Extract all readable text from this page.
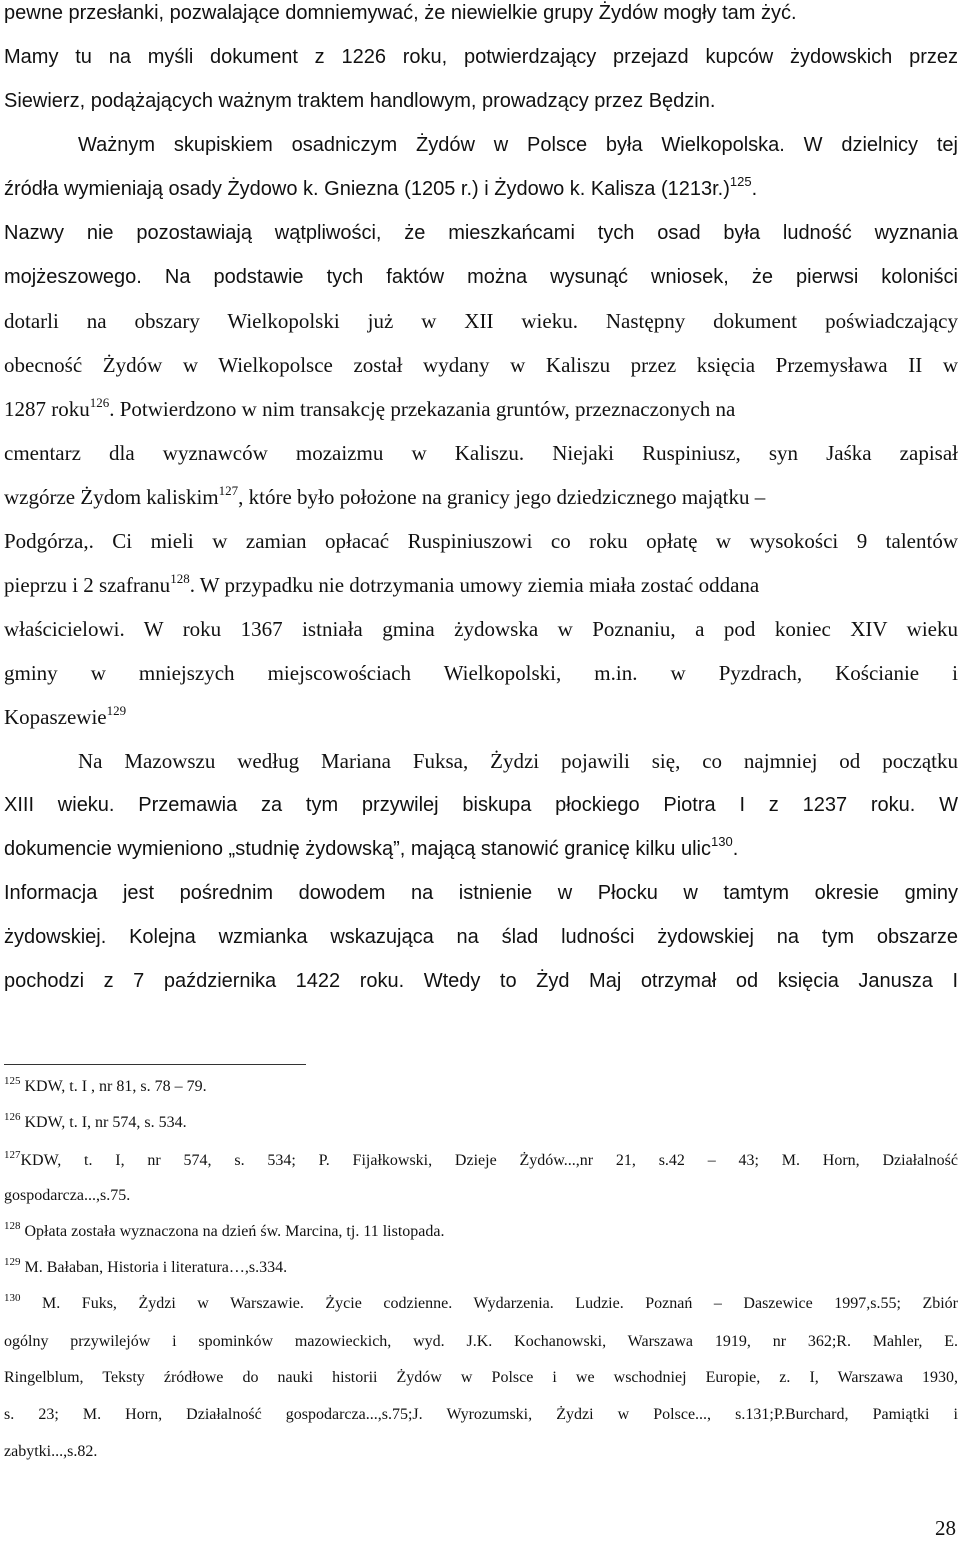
pewne przesłanki, pozwalające domniemywać, że niewielkie grupy Żydów mogły tam żyć.
Mamy tu na myśli dokument z 1226 roku, potwierdzający przejazd kupców żydowskich przez
Siewierz, podążających ważnym traktem handlowym, prowadzący przez Będzin.
Ważnym skupiskiem osadniczym Żydów w Polsce była Wielkopolska. W dzielnicy tej
źródła wymieniają osady Żydowo k. Gniezna (1205 r.) i Żydowo k. Kalisza $(1213r.)^{125}$.
Nazwy nie pozostawiają wątpliwości, że mieszkańcami tych osad była ludność wyznania
mojżeszowego. Na podstawie tych faktów można wysunąć wniosek, że pierwsi koloniści
dotarli na obszary Wielkopolski już w XII wieku. Następny dokument poświadczający
obecność Żydów w Wielkopolsce został wydany w Kaliszu przez księcia Przemysława II w
1287 roku$^{126}$. Potwierdzono w nim transakcję przekazania gruntów, przeznaczonych na
cmentarz dla wyznawców mozaizmu w Kaliszu. Niejaki Ruspiniusz, syn Jaśka zapisał
wzgórze Żydom kaliskim$^{127}$, które było położone na granicy jego dziedzicznego majątku –
Podgórza,. Ci mieli w zamian opłacać Ruspiniuszowi co roku opłatę w wysokości 9 talentów
pieprzu i 2 szafranu$^{128}$. W przypadku nie dotrzymania umowy ziemia miała zostać oddana
właścicielowi. W roku 1367 istniała gmina żydowska w Poznaniu, a pod koniec XIV wieku
gminy w mniejszych miejscowościach Wielkopolski, m.in. w Pyzdrach, Kościanie i
Kopaszewie$^{129}$
Na Mazowszu według Mariana Fuksa, Żydzi pojawili się, co najmniej od początku
XIII wieku. Przemawia za tym przywilej biskupa płockiego Piotra I z 1237 roku. W
dokumencie wymieniono „studnię żydowską”, mającą stanowić granicę kilku ulic$^{130}$.
Informacja jest pośrednim dowodem na istnienie w Płocku w tamtym okresie gminy
żydowskiej. Kolejna wzmianka wskazująca na ślad ludności żydowskiej na tym obszarze
pochodzi z 7 października 1422 roku. Wtedy to Żyd Maj otrzymał od księcia Janusza I
$^{125}$ KDW, t. I , nr 81, s. 78 – 79.
$^{126}$ KDW, t. I, nr 574, s. 534.
$^{127}$KDW, t. I, nr 574, s. 534; P. Fijałkowski, Dzieje Żydów...,nr 21, s.42 – 43; M. Horn, Działalność
gospodarcza...,s.75.
$^{128}$ Opłata została wyznaczona na dzień św. Marcina, tj. 11 listopada.
$^{129}$ M. Bałaban, Historia i literatura…,s.334.
$^{130}$ M. Fuks, Żydzi w Warszawie. Życie codzienne. Wydarzenia. Ludzie. Poznań – Daszewice 1997,s.55; Zbiór
ogólny przywilejów i spominków mazowieckich, wyd. J.K. Kochanowski, Warszawa 1919, nr 362;R. Mahler, E.
Ringelblum, Teksty źródłowe do nauki historii Żydów w Polsce i we wschodniej Europie, z. I, Warszawa 1930,
s. 23; M. Horn, Działalność gospodarcza...,s.75;J. Wyrozumski, Żydzi w Polsce..., s.131;P.Burchard, Pamiątki i
zabytki...,s.82.
28
